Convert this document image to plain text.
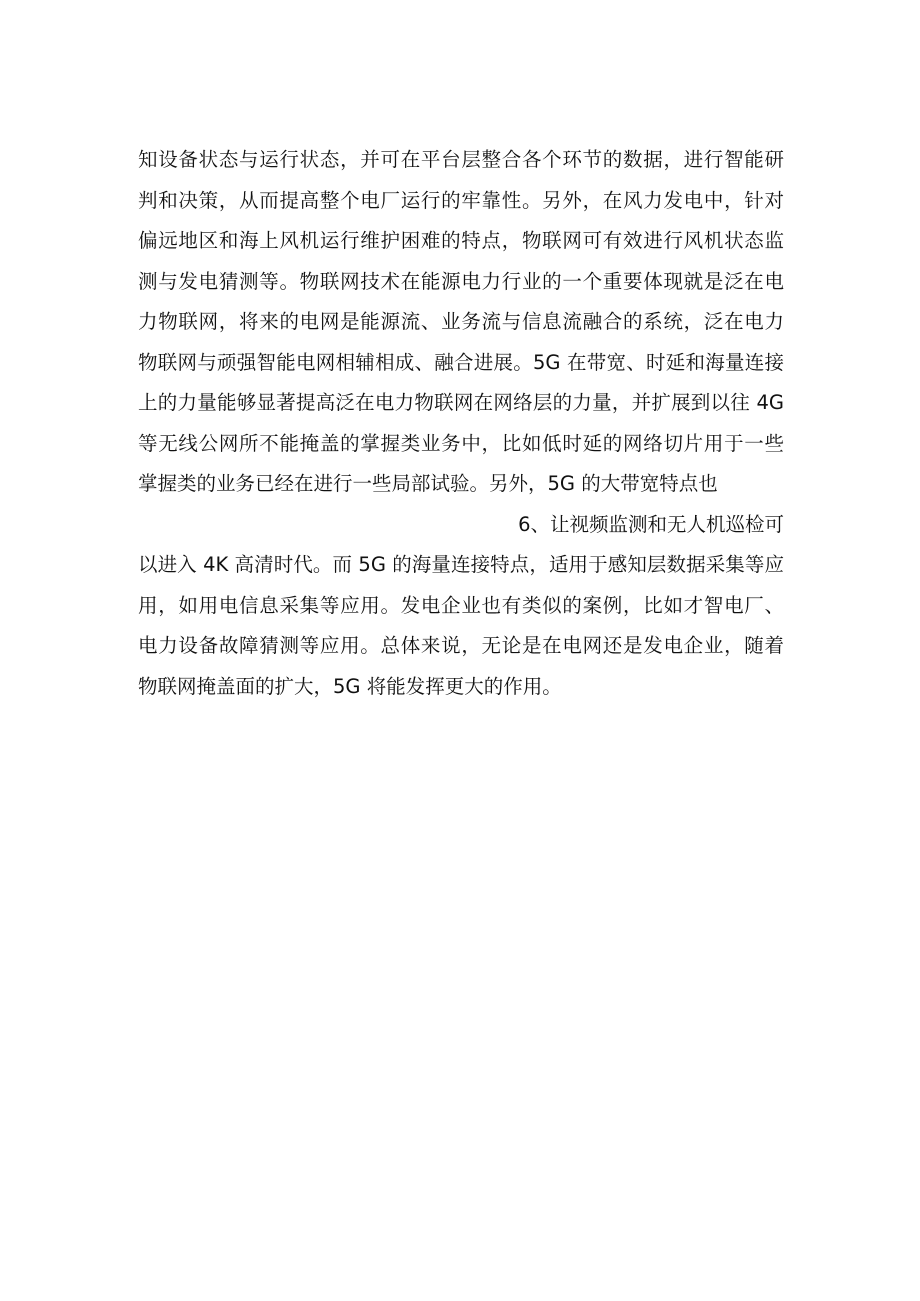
知设备状态与运行状态，并可在平台层整合各个环节的数据，进行智能研
判和决策，从而提高整个电厂运行的牢靠性。另外，在风力发电中，针对
偏远地区和海上风机运行维护困难的特点，物联网可有效进行风机状态监
测与发电猜测等。物联网技术在能源电力行业的一个重要体现就是泛在电
力物联网，将来的电网是能源流、业务流与信息流融合的系统，泛在电力
物联网与顽强智能电网相辅相成、融合进展。5G 在带宽、时延和海量连接
上的力量能够显著提高泛在电力物联网在网络层的力量，并扩展到以往 4G
等无线公网所不能掩盖的掌握类业务中，比如低时延的网络切片用于一些
掌握类的业务已经在进行一些局部试验。另外，5G 的大带宽特点也
6、让视频监测和无人机巡检可
以进入 4K 高清时代。而 5G 的海量连接特点，适用于感知层数据采集等应
用，如用电信息采集等应用。发电企业也有类似的案例，比如才智电厂、
电力设备故障猜测等应用。总体来说，无论是在电网还是发电企业，随着
物联网掩盖面的扩大，5G 将能发挥更大的作用。
